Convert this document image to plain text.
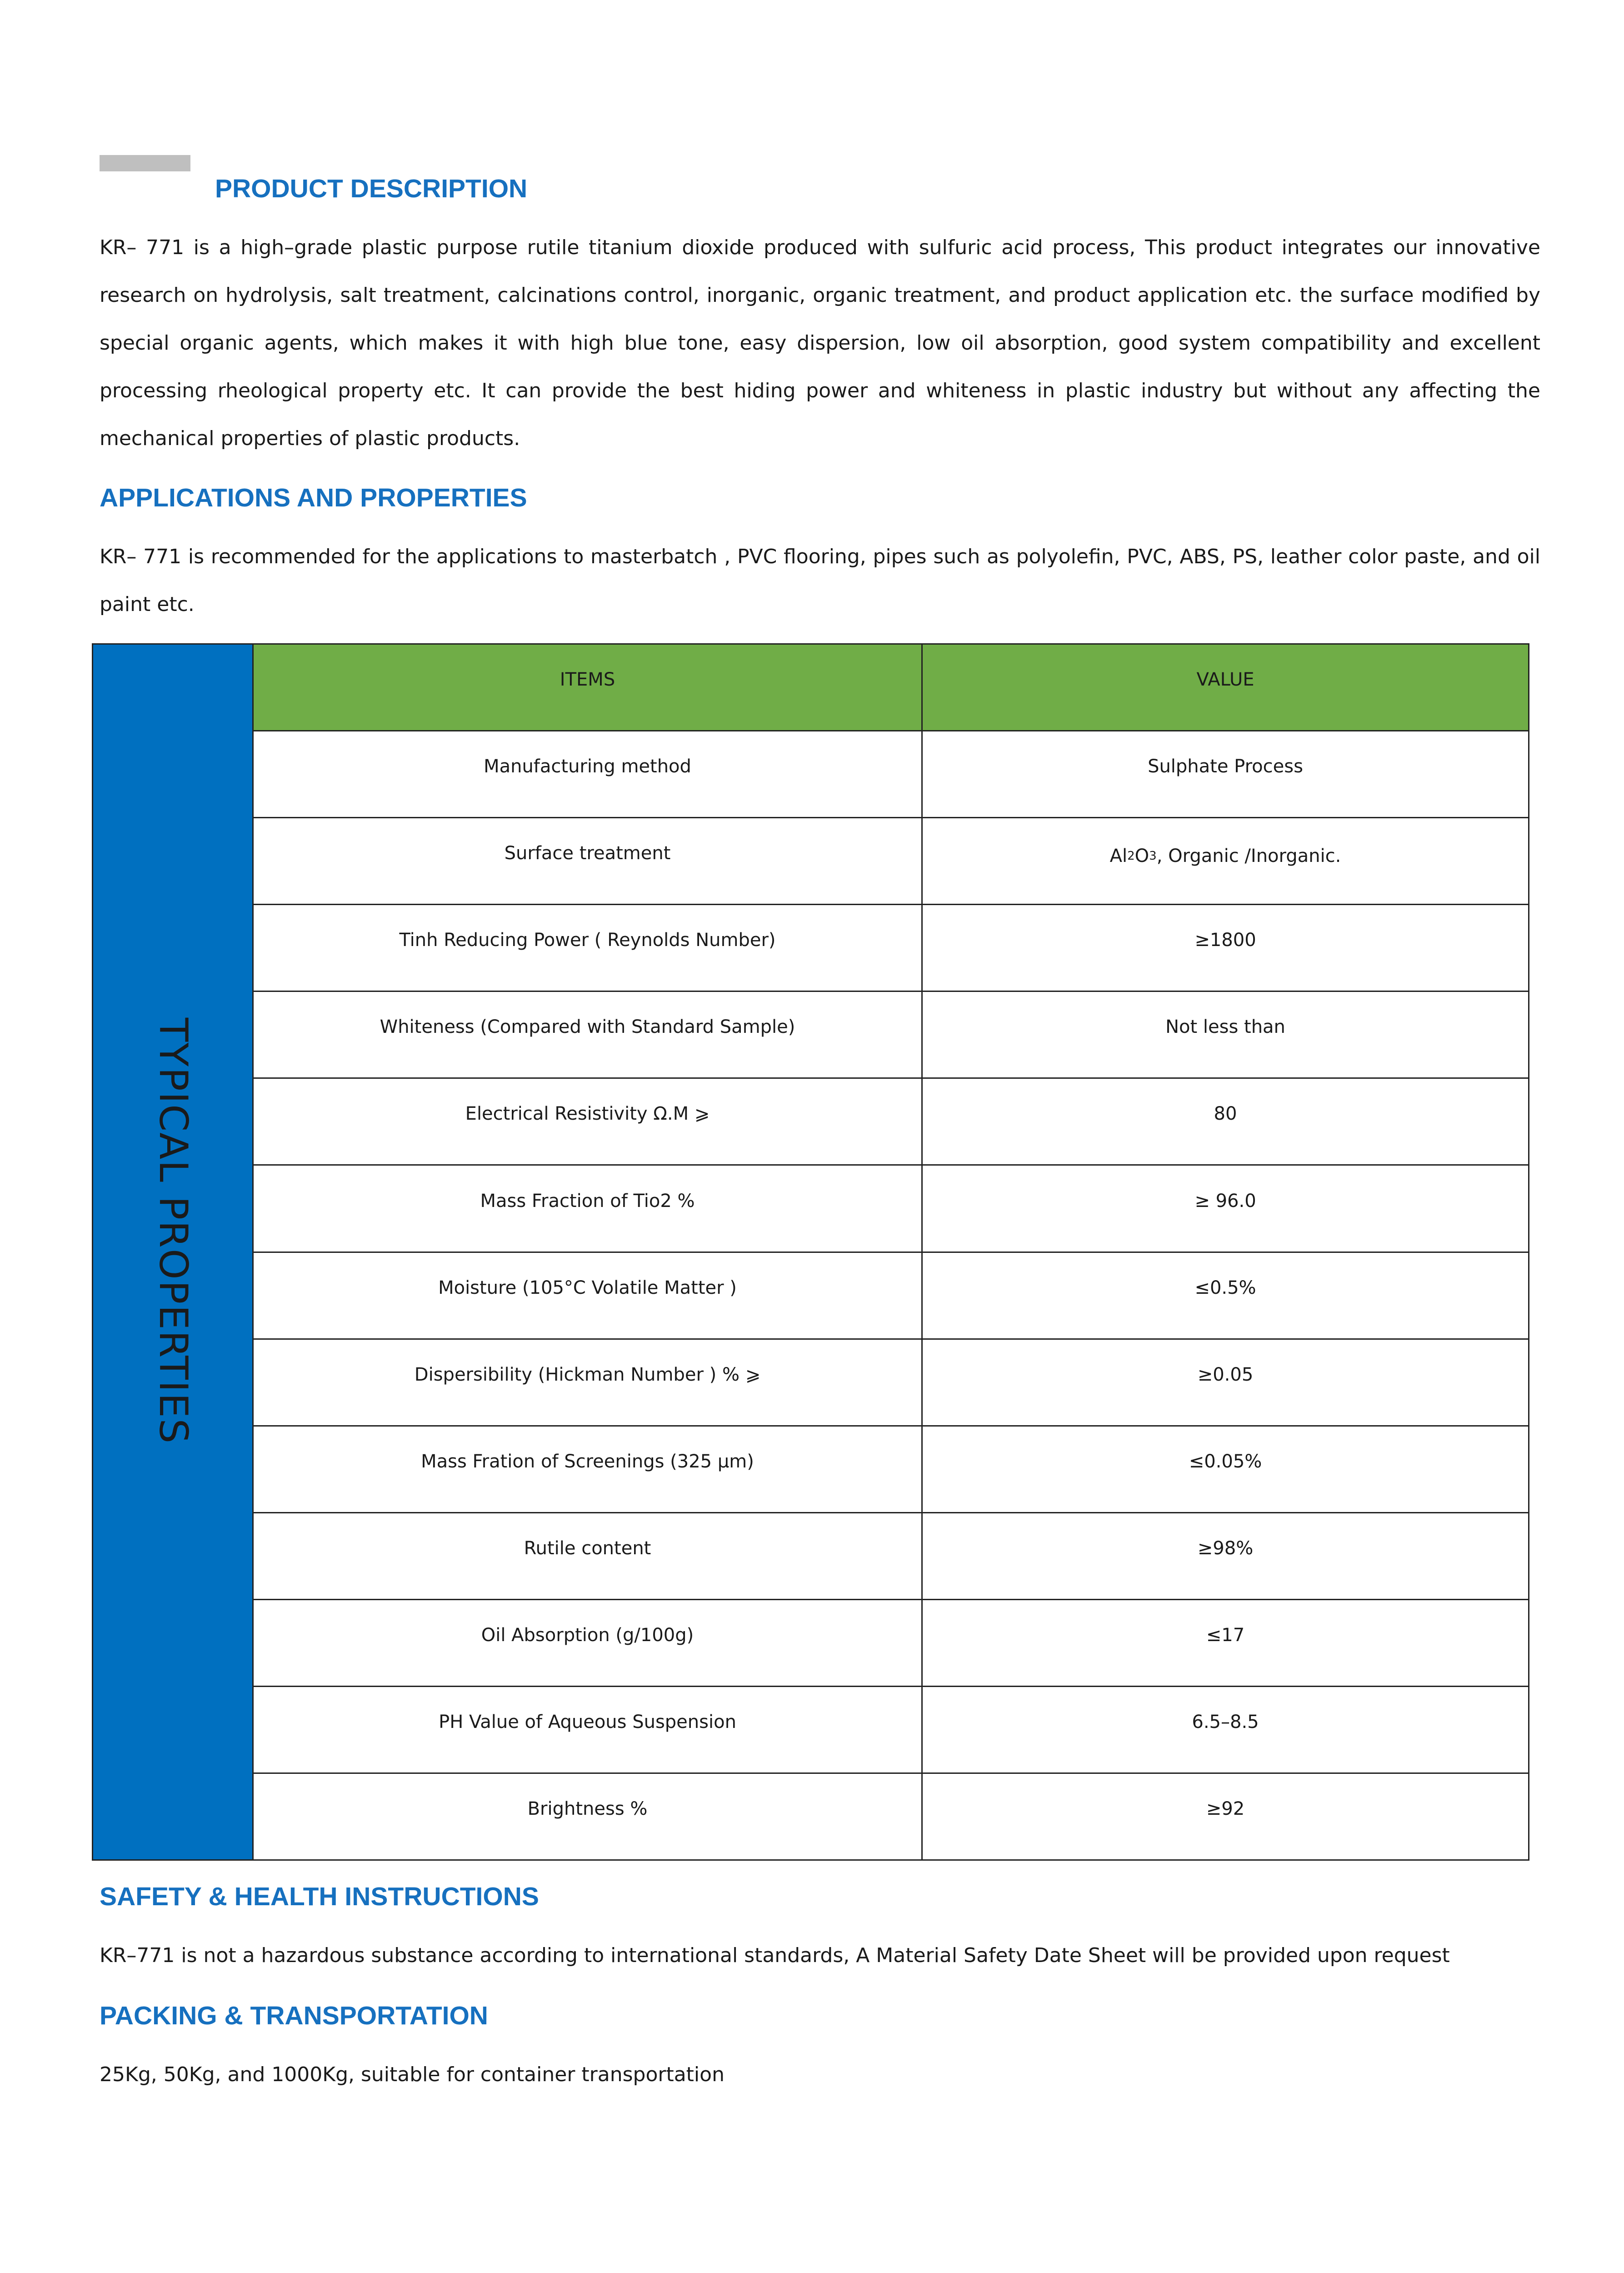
PRODUCT DESCRIPTION

KR– 771 is a high–grade plastic purpose rutile titanium dioxide produced with sulfuric acid process, This product integrates our innovative research on hydrolysis, salt treatment, calcinations control, inorganic, organic treatment, and product application etc. the surface modified by special organic agents, which makes it with high blue tone, easy dispersion, low oil absorption, good system compatibility and excellent processing rheological property etc. It can provide the best hiding power and whiteness in plastic industry but without any affecting the mechanical properties of plastic products.

APPLICATIONS AND PROPERTIES

KR– 771 is recommended for the applications to masterbatch , PVC flooring, pipes such as polyolefin, PVC, ABS, PS, leather color paste, and oil paint etc.

TYPICAL PROPERTIES
ITEMS	VALUE
Manufacturing method	Sulphate Process
Surface treatment	Al 2 O 3 , Organic /Inorganic.
Tinh Reducing Power ( Reynolds Number)	≥1800
Whiteness (Compared with Standard Sample)	Not less than
Electrical Resistivity Ω.M ⩾	80
Mass Fraction of Tio2 %	≥ 96.0
Moisture (105°C Volatile Matter )	≤0.5%
Dispersibility (Hickman Number ) % ⩾	≥0.05
Mass Fration of Screenings (325 μm)	≤0.05%
Rutile content	≥98%
Oil Absorption (g/100g)	≤17
PH Value of Aqueous Suspension	6.5–8.5
Brightness %	≥92
SAFETY & HEALTH INSTRUCTIONS

KR–771 is not a hazardous substance according to international standards, A Material Safety Date Sheet will be provided upon request

PACKING & TRANSPORTATION

25Kg, 50Kg, and 1000Kg, suitable for container transportation
